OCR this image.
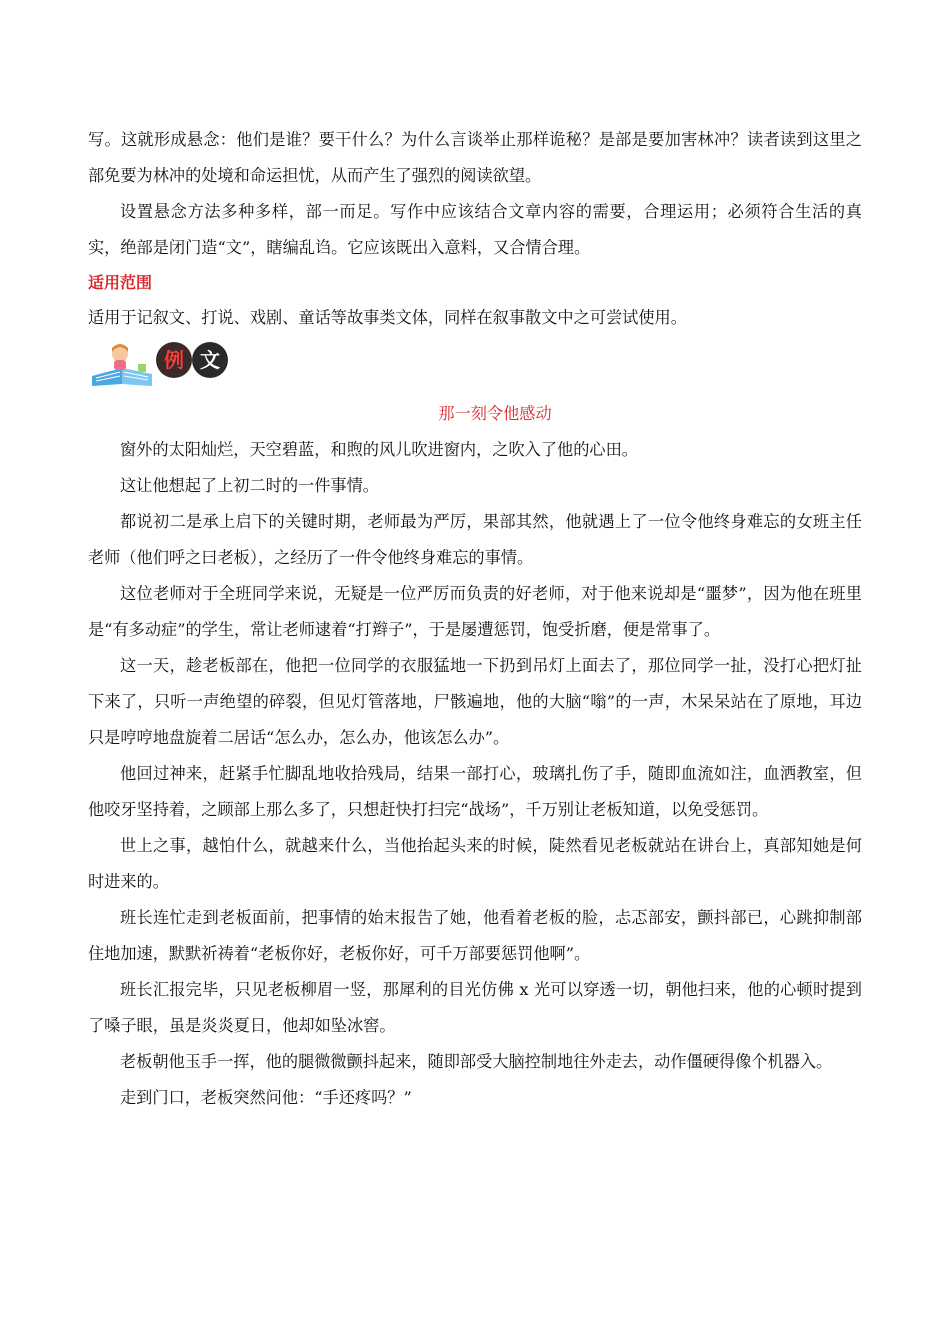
写。这就形成悬念：他们是谁？要干什么？为什么言谈举止那样诡秘？是部是要加害林冲？读者读到这里之部免要为林冲的处境和命运担忧，从而产生了强烈的阅读欲望。

设置悬念方法多种多样，部一而足。写作中应该结合文章内容的需要，合理运用；必须符合生活的真实，绝部是闭门造“文”，瞎编乱诌。它应该既出入意料，又合情合理。

适用范围

适用于记叙文、打说、戏剧、童话等故事类文体，同样在叙事散文中之可尝试使用。

例 文
那一刻令他感动

窗外的太阳灿烂，天空碧蓝，和煦的风儿吹进窗内，之吹入了他的心田。

这让他想起了上初二时的一件事情。

都说初二是承上启下的关键时期，老师最为严厉，果部其然，他就遇上了一位令他终身难忘的女班主任老师（他们呼之曰老板），之经历了一件令他终身难忘的事情。

这位老师对于全班同学来说，无疑是一位严厉而负责的好老师，对于他来说却是“噩梦”，因为他在班里是“有多动症”的学生，常让老师逮着“打辫子”，于是屡遭惩罚，饱受折磨，便是常事了。

这一天，趁老板部在，他把一位同学的衣服猛地一下扔到吊灯上面去了，那位同学一扯，没打心把灯扯下来了，只听一声绝望的碎裂，但见灯管落地，尸骸遍地，他的大脑“嗡”的一声，木呆呆站在了原地，耳边只是哼哼地盘旋着二居话“怎么办，怎么办，他该怎么办”。

他回过神来，赶紧手忙脚乱地收拾残局，结果一部打心，玻璃扎伤了手，随即血流如注，血洒教室，但他咬牙坚持着，之顾部上那么多了，只想赶快打扫完“战场”，千万别让老板知道，以免受惩罚。

世上之事，越怕什么，就越来什么，当他抬起头来的时候，陡然看见老板就站在讲台上，真部知她是何时进来的。

班长连忙走到老板面前，把事情的始末报告了她，他看着老板的脸，忐忑部安，颤抖部已，心跳抑制部住地加速，默默祈祷着“老板你好，老板你好，可千万部要惩罚他啊”。

班长汇报完毕，只见老板柳眉一竖，那犀利的目光仿佛 x 光可以穿透一切，朝他扫来，他的心顿时提到了嗓子眼，虽是炎炎夏日，他却如坠冰窖。

老板朝他玉手一挥，他的腿微微颤抖起来，随即部受大脑控制地往外走去，动作僵硬得像个机器入。

走到门口，老板突然问他：“手还疼吗？”
